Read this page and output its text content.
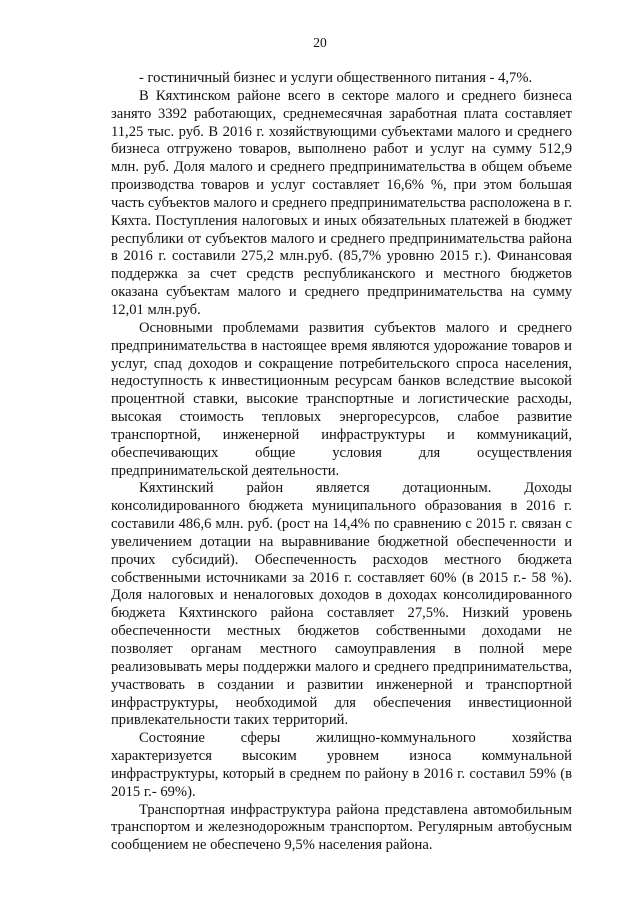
20

- гостиничный бизнес и услуги общественного питания - 4,7%.

В Кяхтинском районе всего в секторе малого и среднего бизнеса занято 3392 работающих, среднемесячная заработная плата составляет 11,25 тыс. руб. В 2016 г. хозяйствующими субъектами малого и среднего бизнеса отгружено товаров, выполнено работ и услуг на сумму 512,9 млн. руб. Доля малого и среднего предпринимательства в общем объеме производства товаров и услуг составляет 16,6% %, при этом большая часть субъектов малого и среднего предпринимательства расположена в г. Кяхта. Поступления налоговых и иных обязательных платежей в бюджет республики от субъектов малого и среднего предпринимательства района в 2016 г. составили 275,2 млн.руб. (85,7% уровню 2015 г.). Финансовая поддержка за счет средств республиканского и местного бюджетов оказана субъектам малого и среднего предпринимательства на сумму 12,01 млн.руб.

Основными проблемами развития субъектов малого и среднего предпринимательства в настоящее время являются удорожание товаров и услуг, спад доходов и сокращение потребительского спроса населения, недоступность к инвестиционным ресурсам банков вследствие высокой процентной ставки, высокие транспортные и логистические расходы, высокая стоимость тепловых энергоресурсов, слабое развитие транспортной, инженерной инфраструктуры и коммуникаций, обеспечивающих общие условия для осуществления предпринимательской деятельности.

Кяхтинский район является дотационным. Доходы консолидированного бюджета муниципального образования в 2016 г. составили 486,6 млн. руб. (рост на 14,4% по сравнению с 2015 г. связан с увеличением дотации на выравнивание бюджетной обеспеченности и прочих субсидий). Обеспеченность расходов местного бюджета собственными источниками за 2016 г. составляет 60% (в 2015 г.- 58 %). Доля налоговых и неналоговых доходов в доходах консолидированного бюджета Кяхтинского района составляет 27,5%. Низкий уровень обеспеченности местных бюджетов собственными доходами не позволяет органам местного самоуправления в полной мере реализовывать меры поддержки малого и среднего предпринимательства, участвовать в создании и развитии инженерной и транспортной инфраструктуры, необходимой для обеспечения инвестиционной привлекательности таких территорий.

Состояние сферы жилищно-коммунального хозяйства характеризуется высоким уровнем износа коммунальной инфраструктуры, который в среднем по району в 2016 г. составил 59% (в 2015 г.- 69%).

Транспортная инфраструктура района представлена автомобильным транспортом и железнодорожным транспортом. Регулярным автобусным сообщением не обеспечено 9,5% населения района.
